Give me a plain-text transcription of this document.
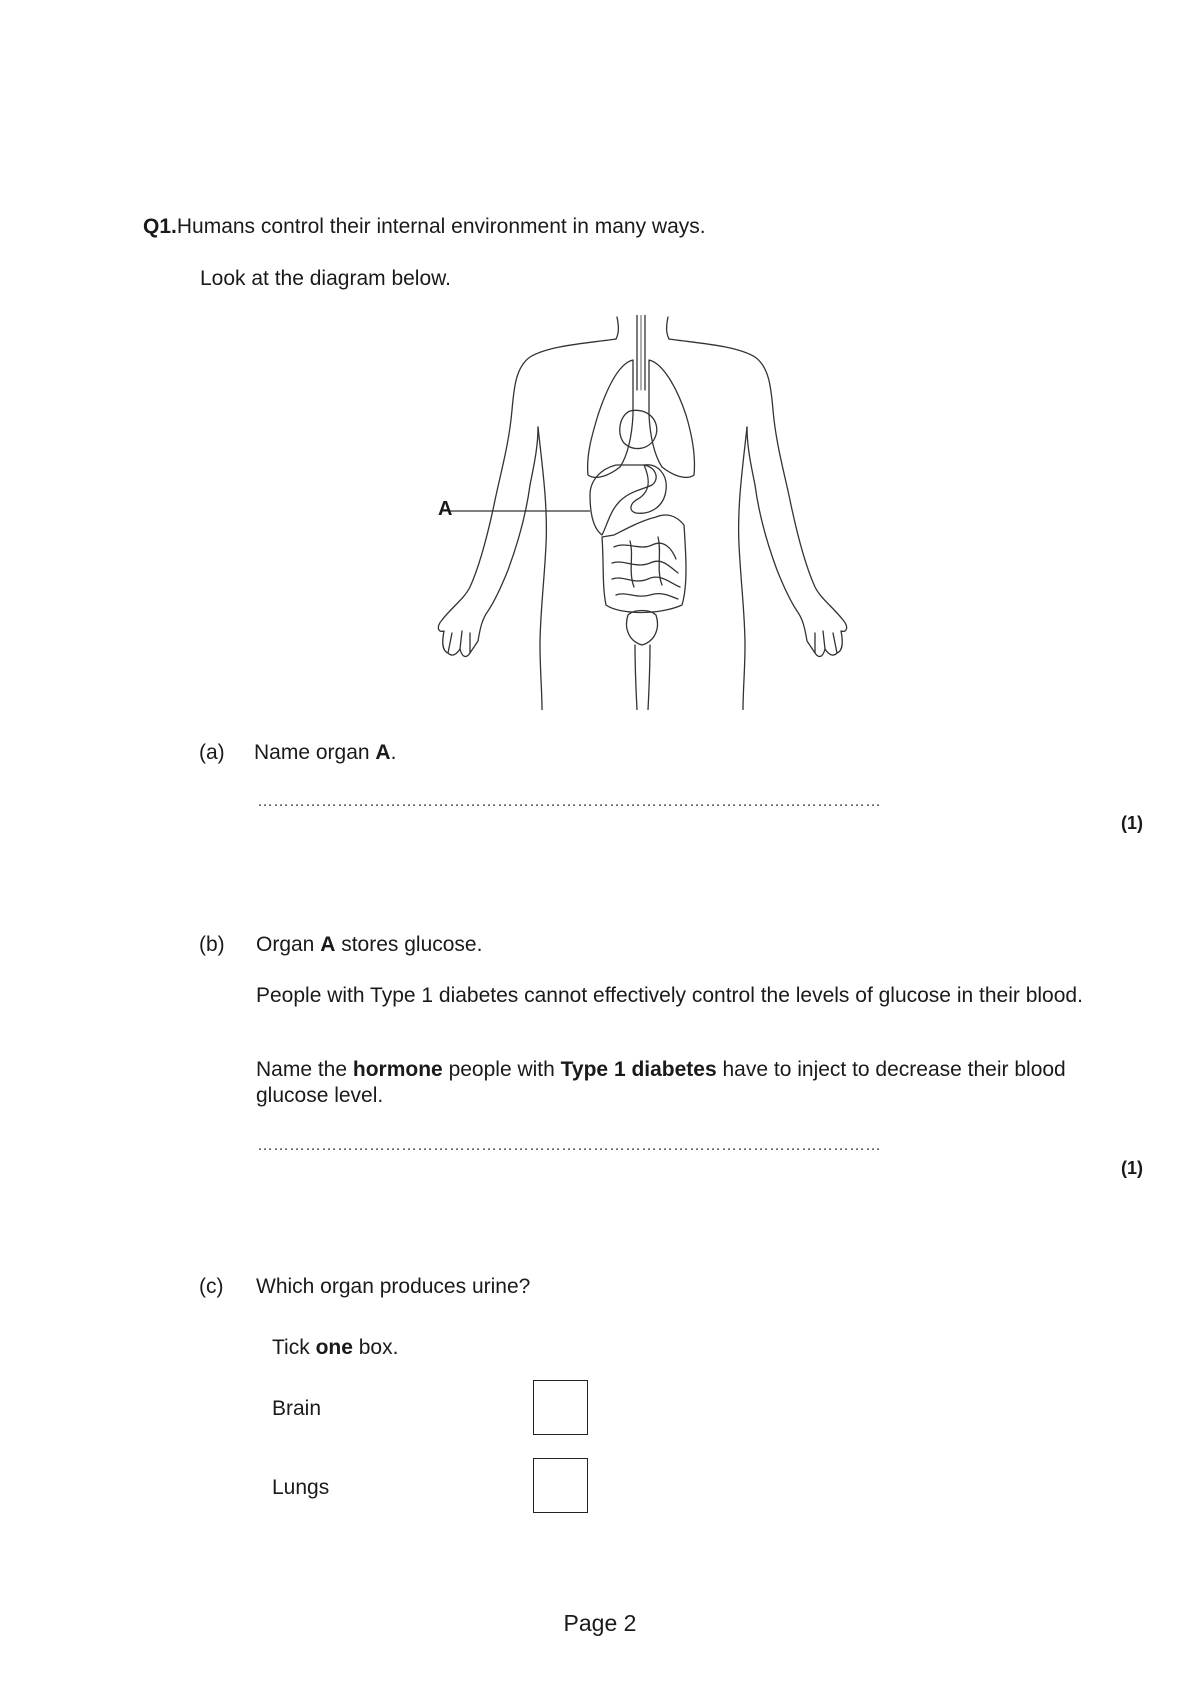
Q1.Humans control their internal environment in many ways.
Look at the diagram below.
A
(a) Name organ A.
………………………………………………………………………………………………………
(1)
(b) Organ A stores glucose.
People with Type 1 diabetes cannot effectively control the levels of glucose in their blood.
Name the hormone people with Type 1 diabetes have to inject to decrease their blood glucose level.
………………………………………………………………………………………………………
(1)
(c) Which organ produces urine?
Tick one box.
Brain
Lungs
Page 2
